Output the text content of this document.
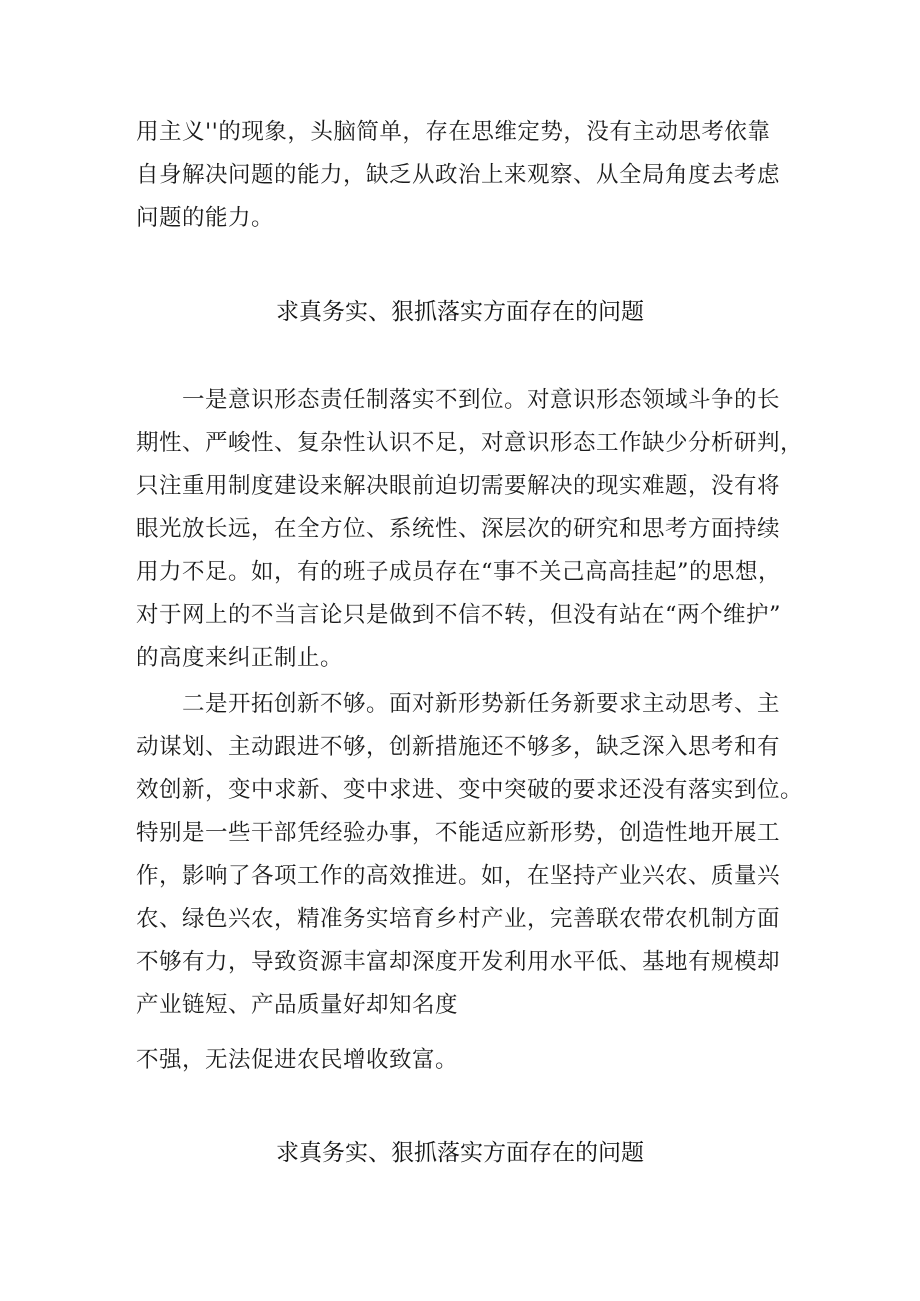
用主义''的现象，头脑简单，存在思维定势，没有主动思考依靠
自身解决问题的能力，缺乏从政治上来观察、从全局角度去考虑
问题的能力。
求真务实、狠抓落实方面存在的问题
一是意识形态责任制落实不到位。对意识形态领域斗争的长
期性、严峻性、复杂性认识不足，对意识形态工作缺少分析研判，
只注重用制度建设来解决眼前迫切需要解决的现实难题，没有将
眼光放长远，在全方位、系统性、深层次的研究和思考方面持续
用力不足。如，有的班子成员存在“事不关己高高挂起”的思想，
对于网上的不当言论只是做到不信不转，但没有站在“两个维护”
的高度来纠正制止。
二是开拓创新不够。面对新形势新任务新要求主动思考、主
动谋划、主动跟进不够，创新措施还不够多，缺乏深入思考和有
效创新，变中求新、变中求进、变中突破的要求还没有落实到位。
特别是一些干部凭经验办事，不能适应新形势，创造性地开展工
作，影响了各项工作的高效推进。如，在坚持产业兴农、质量兴
农、绿色兴农，精准务实培育乡村产业，完善联农带农机制方面
不够有力，导致资源丰富却深度开发利用水平低、基地有规模却
产业链短、产品质量好却知名度
不强，无法促进农民增收致富。
求真务实、狠抓落实方面存在的问题
